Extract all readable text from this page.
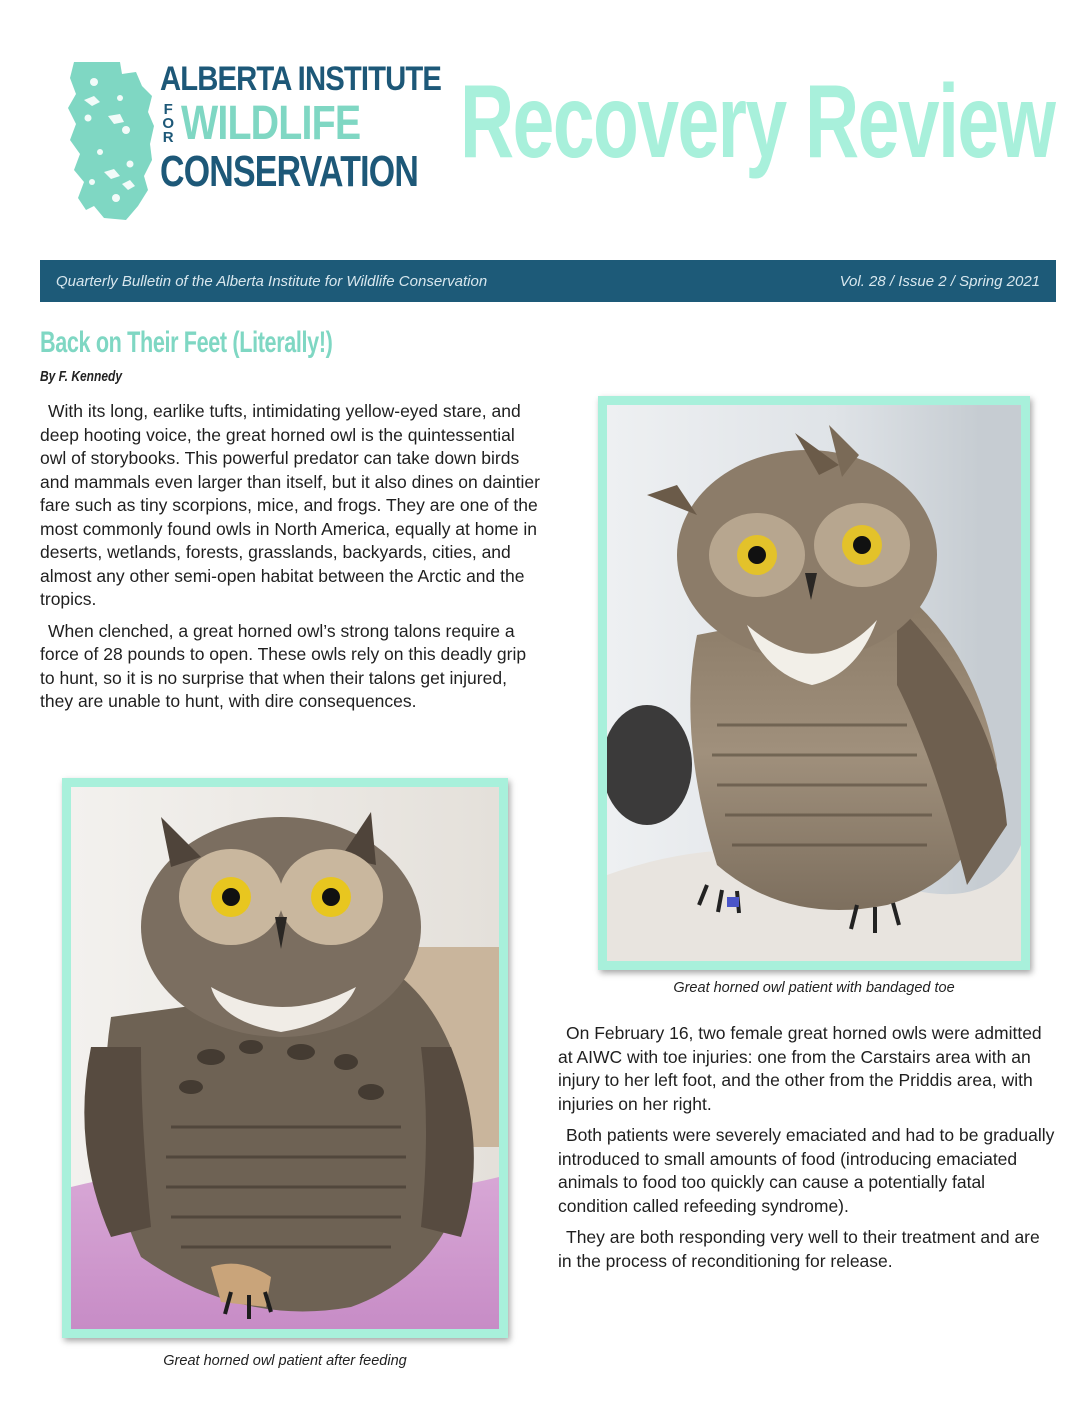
ALBERTA INSTITUTE
F
O
R WILDLIFE
CONSERVATION Recovery Review
Quarterly Bulletin of the Alberta Institute for Wildlife Conservation	Vol. 28 / Issue 2 / Spring 2021
Back on Their Feet (Literally!)
By F. Kennedy

With its long, earlike tufts, intimidating yellow-eyed stare, and deep hooting voice, the great horned owl is the quintessential owl of storybooks. This powerful predator can take down birds and mammals even larger than itself, but it also dines on daintier fare such as tiny scorpions, mice, and frogs. They are one of the most commonly found owls in North America, equally at home in deserts, wetlands, forests, grasslands, backyards, cities, and almost any other semi-open habitat between the Arctic and the tropics.

When clenched, a great horned owl’s strong talons require a force of 28 pounds to open. These owls rely on this deadly grip to hunt, so it is no surprise that when their talons get injured, they are unable to hunt, with dire consequences.

Great horned owl patient with bandaged toe
Great horned owl patient after feeding

On February 16, two female great horned owls were admitted at AIWC with toe injuries: one from the Carstairs area with an injury to her left foot, and the other from the Priddis area, with injuries on her right.

Both patients were severely emaciated and had to be gradually introduced to small amounts of food (introducing emaciated animals to food too quickly can cause a potentially fatal condition called refeeding syndrome).

They are both responding very well to their treatment and are in the process of reconditioning for release.
